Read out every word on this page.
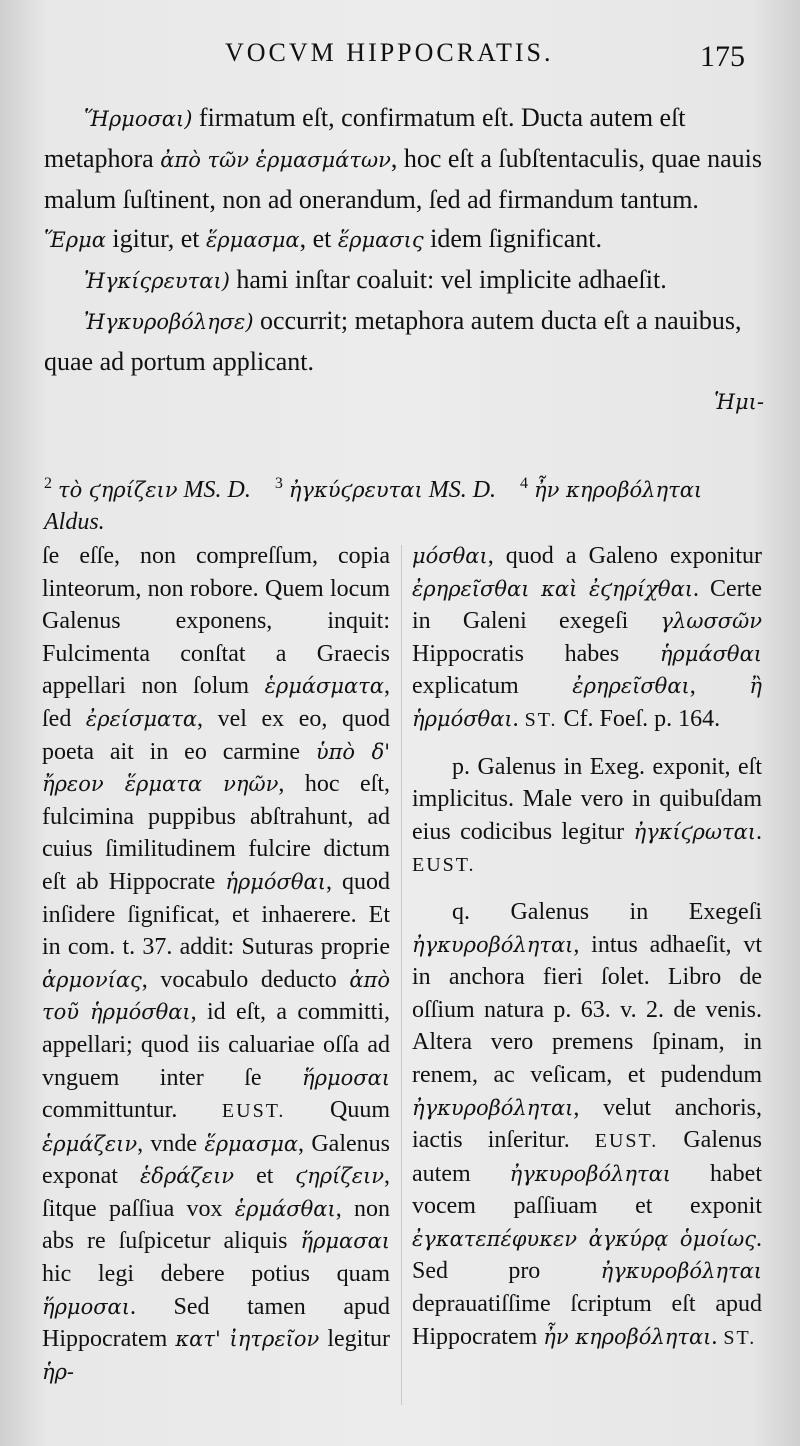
VOCVM HIPPOCRATIS.	175

Ἥρμοσαι) firmatum eſt, confirmatum eſt. Ducta autem eſt metaphora ἀπὸ τῶν ἑρμασμάτων, hoc eſt a ſubſtentaculis, quae nauis malum ſuſtinent, non ad onerandum, ſed ad firmandum tantum. Ἕρμα igitur, et ἕρμασμα, et ἕρμασις idem ſignificant.

Ἠγκίςρευται) hami inſtar coaluit: vel implicite adhaeſit.

Ἠγκυροβόλησε) occurrit; metaphora autem ducta eſt a nauibus, quae ad portum applicant.

Ἡμι-

$^2$ τὸ ϛηρίζειν MS. D. $^3$ ἠγκύϛρευται MS. D. $^4$ ἦν κηροβόληται Aldus.

ſe eſſe, non compreſſum, copia linteorum, non robore. Quem locum Galenus exponens, inquit: Fulcimenta conſtat a Graecis appellari non ſolum ἑρμάσματα, ſed ἐρείσματα, vel ex eo, quod poeta ait in eo carmine ὑπὸ δ' ἤρεον ἕρματα νηῶν, hoc eſt, fulcimina puppibus abſtrahunt, ad cuius ſimilitudinem fulcire dictum eſt ab Hippocrate ἡρμόσθαι, quod inſidere ſignificat, et inhaerere. Et in com. t. 37. addit: Suturas proprie ἁρμονίας, vocabulo deducto ἀπὸ τοῦ ἡρμόσθαι, id eſt, a committi, appellari; quod iis caluariae oſſa ad vnguem inter ſe ἥρμοσαι committuntur. EUST. Quum ἑρμάζειν, vnde ἕρμασμα, Galenus exponat ἑδράζειν et ϛηρίζειν, ſitque paſſiua vox ἑρμάσθαι, non abs re ſuſpicetur aliquis ἥρμασαι hic legi debere potius quam ἥρμοσαι. Sed tamen apud Hippocratem κατ' ἰητρεῖον legitur ἡρ-

μόσθαι, quod a Galeno exponitur ἐρηρεῖσθαι καὶ ἐϛηρίχθαι. Certe in Galeni exegeſi γλωσσῶν Hippocratis habes ἡρμάσθαι explicatum ἐρηρεῖσθαι, ἢ ἡρμόσθαι. ST. Cf. Foeſ. p. 164.

p. Galenus in Exeg. exponit, eſt implicitus. Male vero in quibuſdam eius codicibus legitur ἠγκίϛρωται. EUST.

q. Galenus in Exegeſi ἠγκυροβόληται, intus adhaeſit, vt in anchora fieri ſolet. Libro de oſſium natura p. 63. v. 2. de venis. Altera vero premens ſpinam, in renem, ac veſicam, et pudendum ἠγκυροβόληται, velut anchoris, iactis inſeritur. EUST. Galenus autem ἠγκυροβόληται habet vocem paſſiuam et exponit ἐγκατεπέφυκεν ἀγκύρᾳ ὁμοίως. Sed pro ἠγκυροβόληται deprauatiſſime ſcriptum eſt apud Hippocratem ἦν κηροβόληται. ST.
